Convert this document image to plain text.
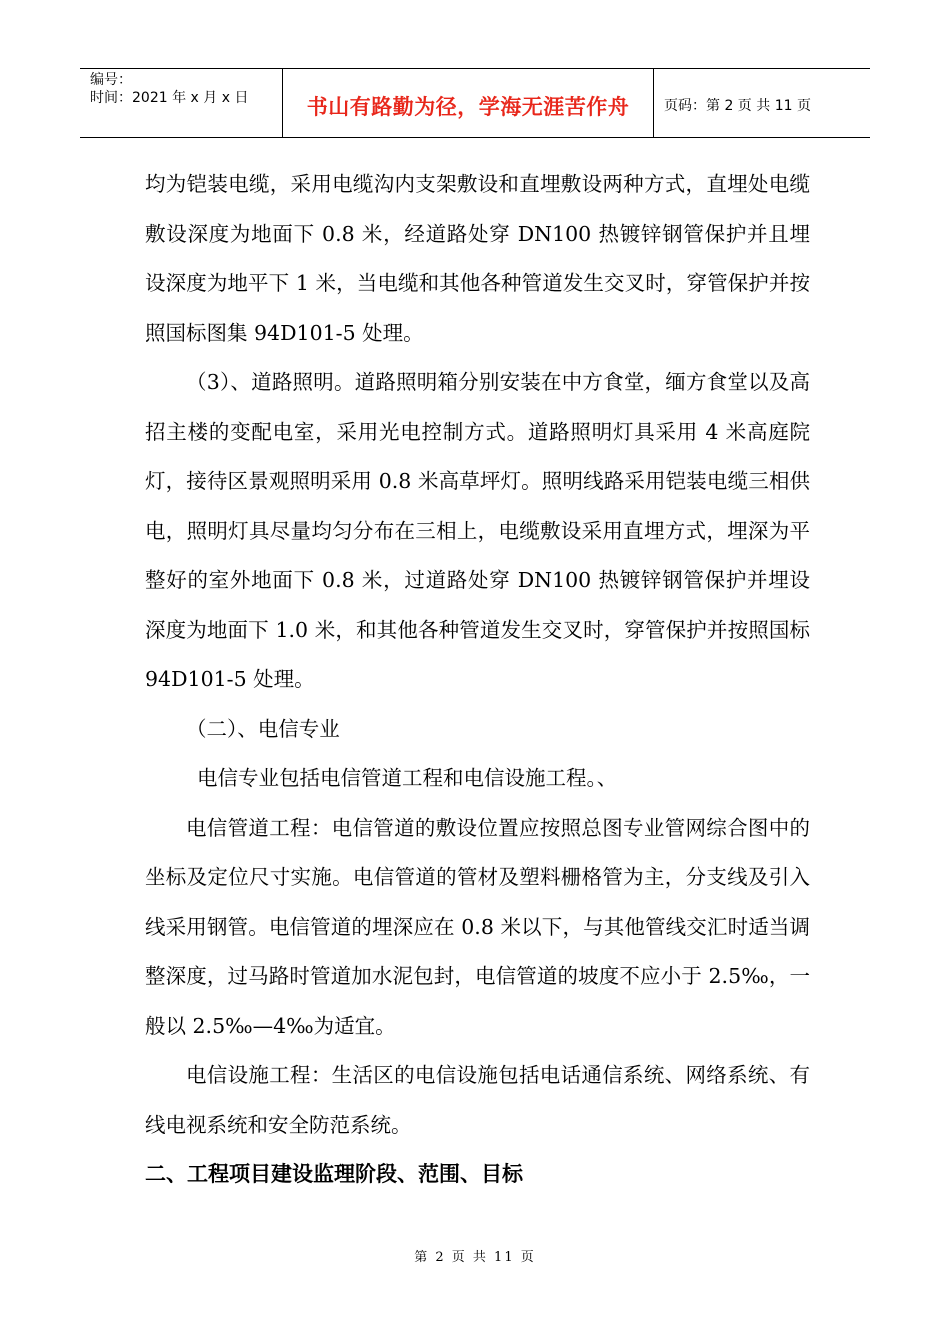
编号：
时间：2021 年 x 月 x 日	书山有路勤为径，学海无涯苦作舟	页码：第 2 页 共 11 页

均为铠装电缆，采用电缆沟内支架敷设和直埋敷设两种方式，直埋处电缆敷设深度为地面下 0.8 米，经道路处穿 DN100 热镀锌钢管保护并且埋设深度为地平下 1 米，当电缆和其他各种管道发生交叉时，穿管保护并按照国标图集 94D101-5 处理。

（3）、道路照明。道路照明箱分别安装在中方食堂，缅方食堂以及高招主楼的变配电室，采用光电控制方式。道路照明灯具采用 4 米高庭院灯，接待区景观照明采用 0.8 米高草坪灯。照明线路采用铠装电缆三相供电，照明灯具尽量均匀分布在三相上，电缆敷设采用直埋方式，埋深为平整好的室外地面下 0.8 米，过道路处穿 DN100 热镀锌钢管保护并埋设深度为地面下 1.0 米，和其他各种管道发生交叉时，穿管保护并按照国标 94D101-5 处理。

（二）、电信专业

电信专业包括电信管道工程和电信设施工程。、

电信管道工程：电信管道的敷设位置应按照总图专业管网综合图中的坐标及定位尺寸实施。电信管道的管材及塑料栅格管为主，分支线及引入线采用钢管。电信管道的埋深应在 0.8 米以下，与其他管线交汇时适当调整深度，过马路时管道加水泥包封，电信管道的坡度不应小于 2.5‰，一般以 2.5‰—4‰为适宜。

电信设施工程：生活区的电信设施包括电话通信系统、网络系统、有线电视系统和安全防范系统。

二、工程项目建设监理阶段、范围、目标

第 2 页 共 11 页
